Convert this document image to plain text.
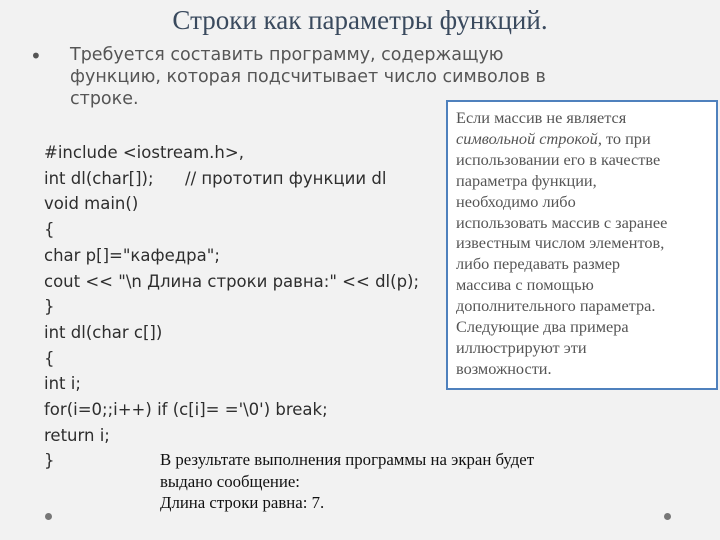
Строки как параметры функций.
• Требуется составить программу, содержащую
функцию, которая подсчитывает число символов в
строке.
#include <iostream.h>,
int dl(char[]);      // прототип функции dl
void main()
{
char p[]="кафедра";
cout << "\n Длина строки равна:" << dl(p);
}
int dl(char c[])
{
int i;
for(i=0;;i++) if (c[i]= ='\0') break;
return i;
}
Если массив не является
символьной строкой, то при
использовании его в качестве
параметра функции,
необходимо либо
использовать массив с заранее
известным числом элементов,
либо передавать размер
массива с помощью
дополнительного параметра.
Следующие два примера
иллюстрируют эти
возможности.
В результате выполнения программы на экран будет
выдано сообщение:
Длина строки равна: 7.
